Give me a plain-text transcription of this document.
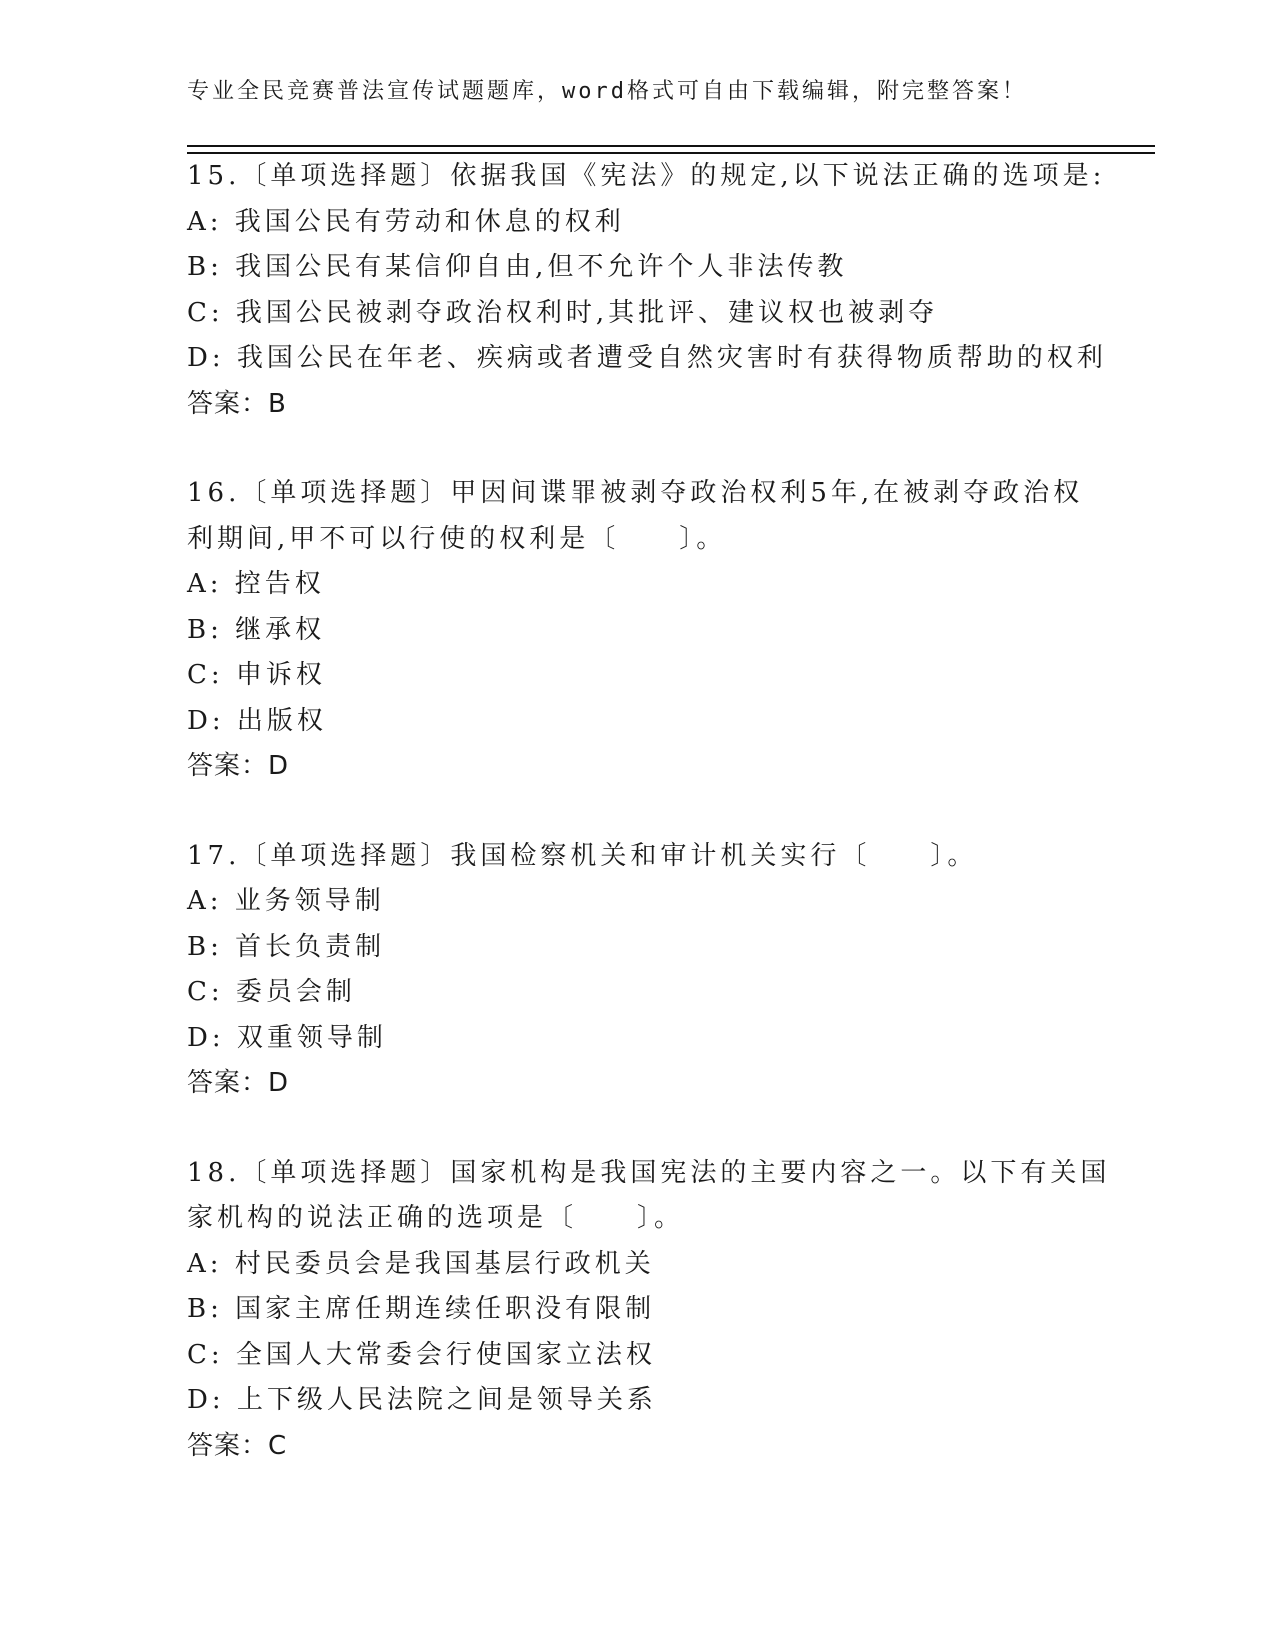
专业全民竞赛普法宣传试题题库，word格式可自由下载编辑，附完整答案！
15.〔单项选择题〕依据我国《宪法》的规定,以下说法正确的选项是:
A: 我国公民有劳动和休息的权利
B: 我国公民有某信仰自由,但不允许个人非法传教
C: 我国公民被剥夺政治权利时,其批评、建议权也被剥夺
D: 我国公民在年老、疾病或者遭受自然灾害时有获得物质帮助的权利
答案：B
16.〔单项选择题〕甲因间谍罪被剥夺政治权利5年,在被剥夺政治权
利期间,甲不可以行使的权利是〔　　〕。
A: 控告权
B: 继承权
C: 申诉权
D: 出版权
答案：D
17.〔单项选择题〕我国检察机关和审计机关实行〔　　〕。
A: 业务领导制
B: 首长负责制
C: 委员会制
D: 双重领导制
答案：D
18.〔单项选择题〕国家机构是我国宪法的主要内容之一。以下有关国
家机构的说法正确的选项是〔　　〕。
A: 村民委员会是我国基层行政机关
B: 国家主席任期连续任职没有限制
C: 全国人大常委会行使国家立法权
D: 上下级人民法院之间是领导关系
答案：C
